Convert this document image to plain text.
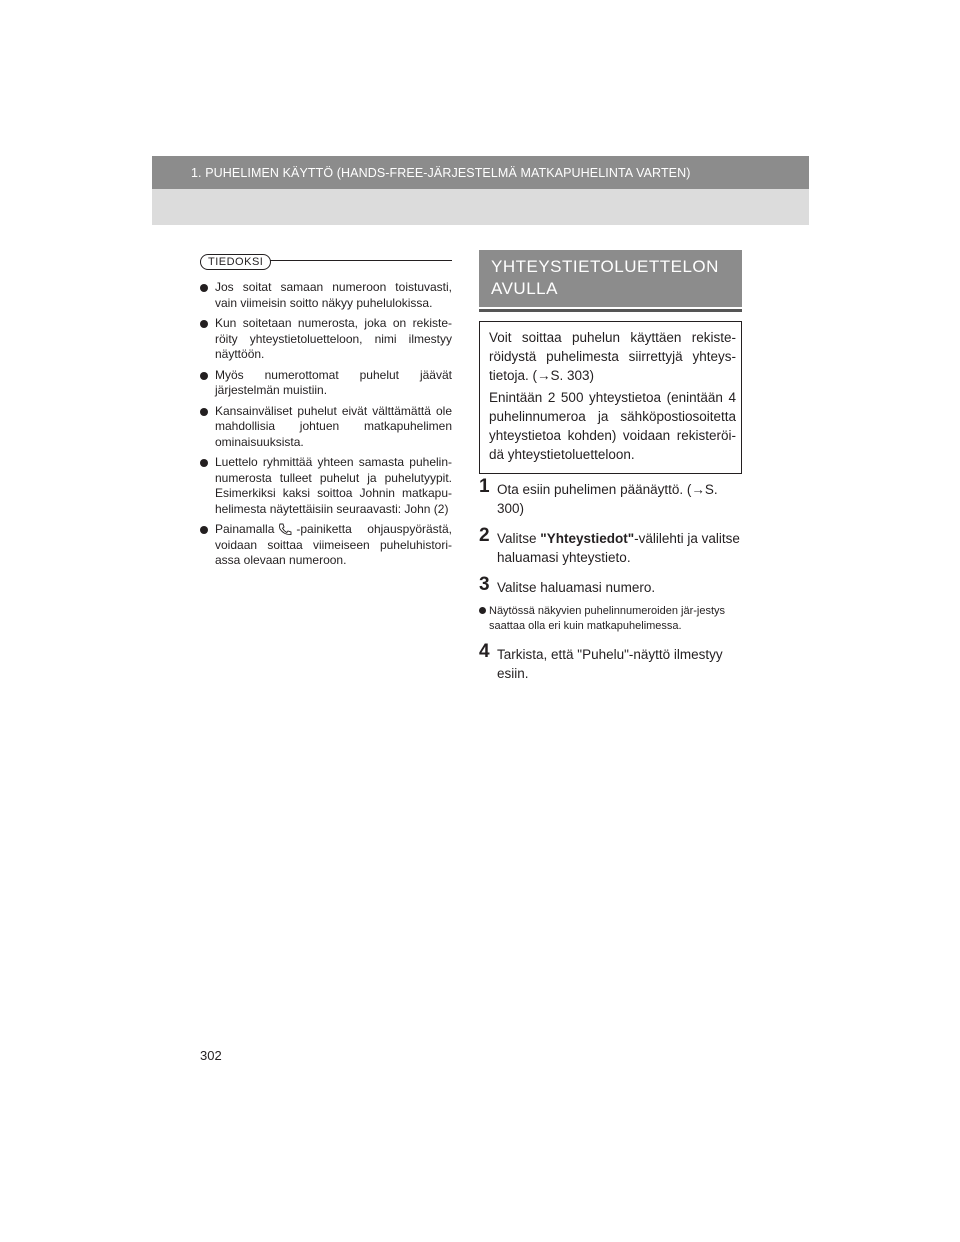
1. PUHELIMEN KÄYTTÖ (HANDS-FREE-JÄRJESTELMÄ MATKAPUHELINTA VARTEN)
TIEDOKSI
Jos soitat samaan numeroon toistuvasti, vain viimeisin soitto näkyy puhelulokissa.
Kun soitetaan numerosta, joka on rekiste-röity yhteystietoluetteloon, nimi ilmestyy näyttöön.
Myös numerottomat puhelut jäävät järjestelmän muistiin.
Kansainväliset puhelut eivät välttämättä ole mahdollisia johtuen matkapuhelimen ominaisuuksista.
Luettelo ryhmittää yhteen samasta puhelin-numerosta tulleet puhelut ja puhelutyypit. Esimerkiksi kaksi soittoa Johnin matkapu-helimesta näytettäisiin seuraavasti: John (2)
Painamalla -painiketta ohjauspyörästä, voidaan soittaa viimeiseen puheluhistori-assa olevaan numeroon.
YHTEYSTIETOLUETTELON
AVULLA

Voit soittaa puhelun käyttäen rekiste-röidystä puhelimesta siirrettyjä yhteys-tietoja. (→S. 303)

Enintään 2 500 yhteystietoa (enintään 4 puhelinnumeroa ja sähköpostiosoitetta yhteystietoa kohden) voidaan rekisteröi-dä yhteystietoluetteloon.

1 Ota esiin puhelimen päänäyttö. (→S. 300)
2 Valitse "Yhteystiedot"-välilehti ja valitse haluamasi yhteystieto.
3 Valitse haluamasi numero.
Näytössä näkyvien puhelinnumeroiden jär-jestys saattaa olla eri kuin matkapuhelimessa.
4 Tarkista, että "Puhelu"-näyttö ilmestyy esiin.
302
